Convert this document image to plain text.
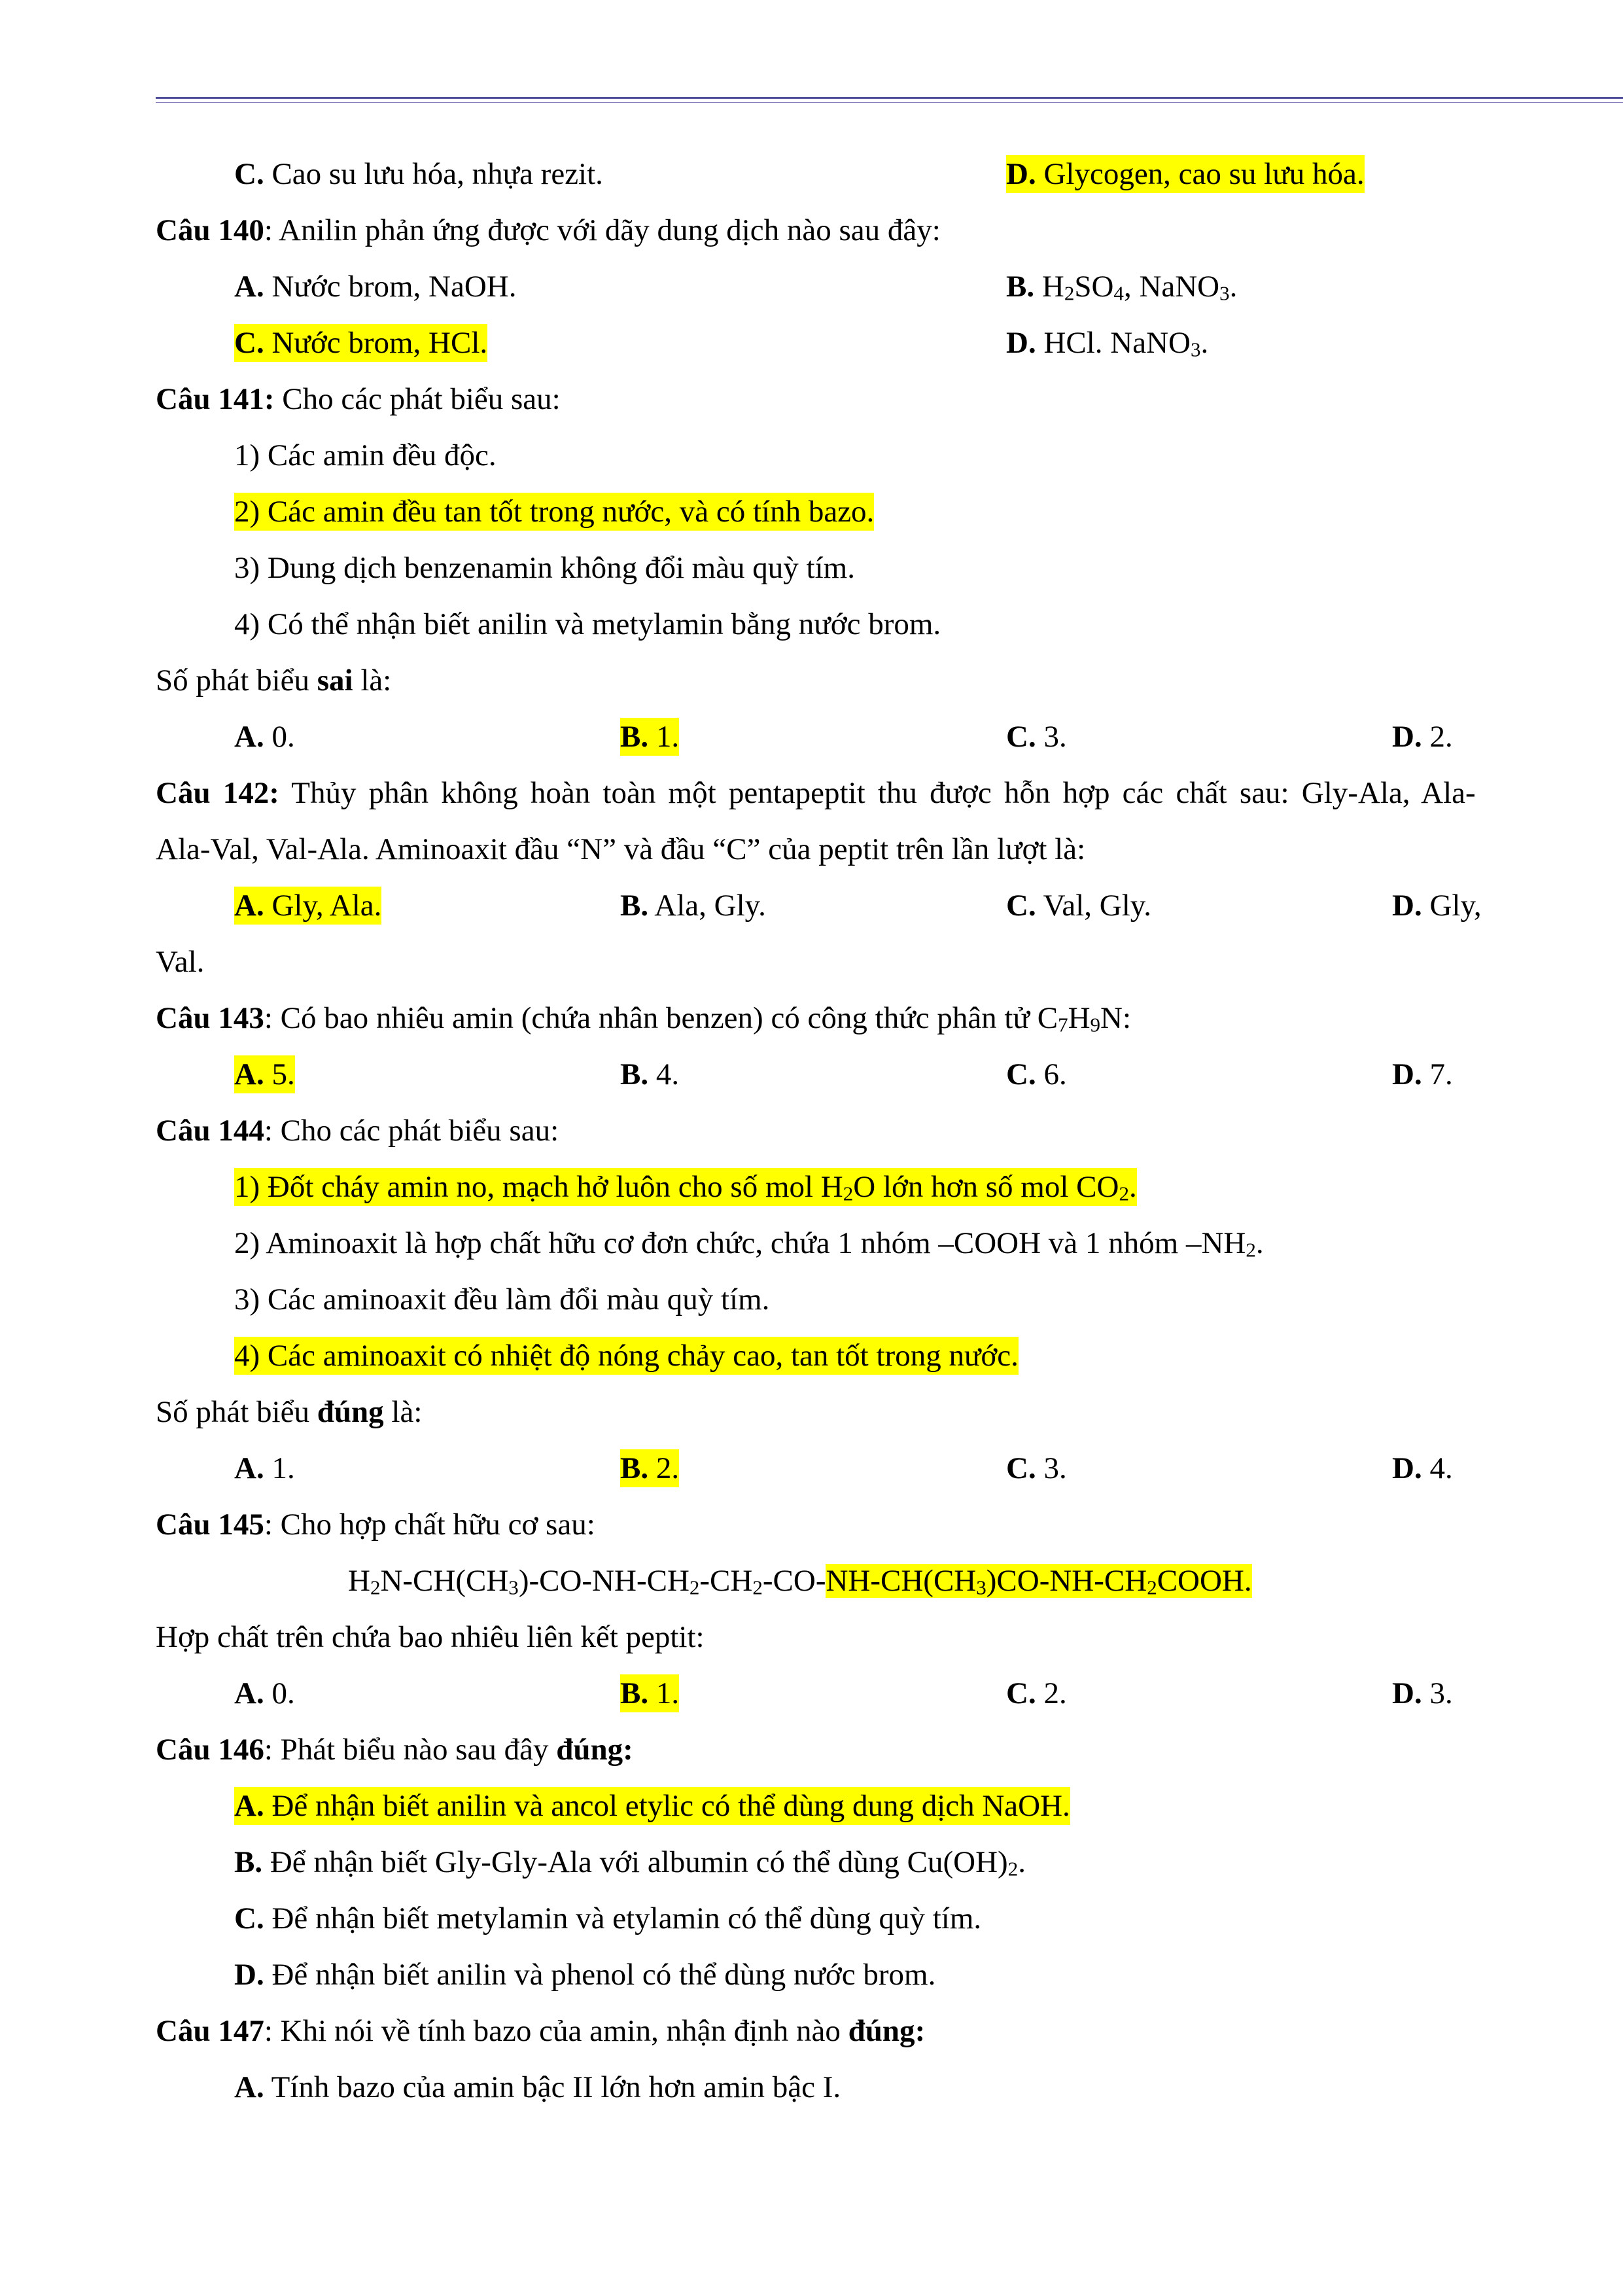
C. Cao su lưu hóa, nhựa rezit.	D. Glycogen, cao su lưu hóa.
Câu 140: Anilin phản ứng được với dãy dung dịch nào sau đây:
A. Nước brom, NaOH.	B. $H_2SO_4$, NaNO$_3$.
C. Nước brom, HCl.	D. HCl. NaNO$_3$.
Câu 141: Cho các phát biểu sau:
1) Các amin đều độc.
2) Các amin đều tan tốt trong nước, và có tính bazo.
3) Dung dịch benzenamin không đổi màu quỳ tím.
4) Có thể nhận biết anilin và metylamin bằng nước brom.
Số phát biểu sai là:
A. 0.	B. 1.	C. 3.	D. 2.
Câu 142: Thủy phân không hoàn toàn một pentapeptit thu được hỗn hợp các chất sau: Gly-Ala, Ala-
Ala-Val, Val-Ala. Aminoaxit đầu “N” và đầu “C” của peptit trên lần lượt là:
A. Gly, Ala.	B. Ala, Gly.	C. Val, Gly.	D. Gly,
Val.
Câu 143: Có bao nhiêu amin (chứa nhân benzen) có công thức phân tử $C_7H_9N$:
A. 5.	B. 4.	C. 6.	D. 7.
Câu 144: Cho các phát biểu sau:
1) Đốt cháy amin no, mạch hở luôn cho số mol $H_2O$ lớn hơn số mol $CO_2$.
2) Aminoaxit là hợp chất hữu cơ đơn chức, chứa 1 nhóm –COOH và 1 nhóm $-NH_2$.
3) Các aminoaxit đều làm đổi màu quỳ tím.
4) Các aminoaxit có nhiệt độ nóng chảy cao, tan tốt trong nước.
Số phát biểu đúng là:
A. 1.	B. 2.	C. 3.	D. 4.
Câu 145: Cho hợp chất hữu cơ sau:
$H_2N-CH(CH_3)-CO-NH-CH_2-CH_2-CO-NH-CH(CH_3)CO-NH-CH_2COOH$.
Hợp chất trên chứa bao nhiêu liên kết peptit:
A. 0.	B. 1.	C. 2.	D. 3.
Câu 146: Phát biểu nào sau đây đúng:
A. Để nhận biết anilin và ancol etylic có thể dùng dung dịch NaOH.
B. Để nhận biết Gly-Gly-Ala với albumin có thể dùng $Cu(OH)_2$.
C. Để nhận biết metylamin và etylamin có thể dùng quỳ tím.
D. Để nhận biết anilin và phenol có thể dùng nước brom.
Câu 147: Khi nói về tính bazo của amin, nhận định nào đúng:
A. Tính bazo của amin bậc II lớn hơn amin bậc I.
